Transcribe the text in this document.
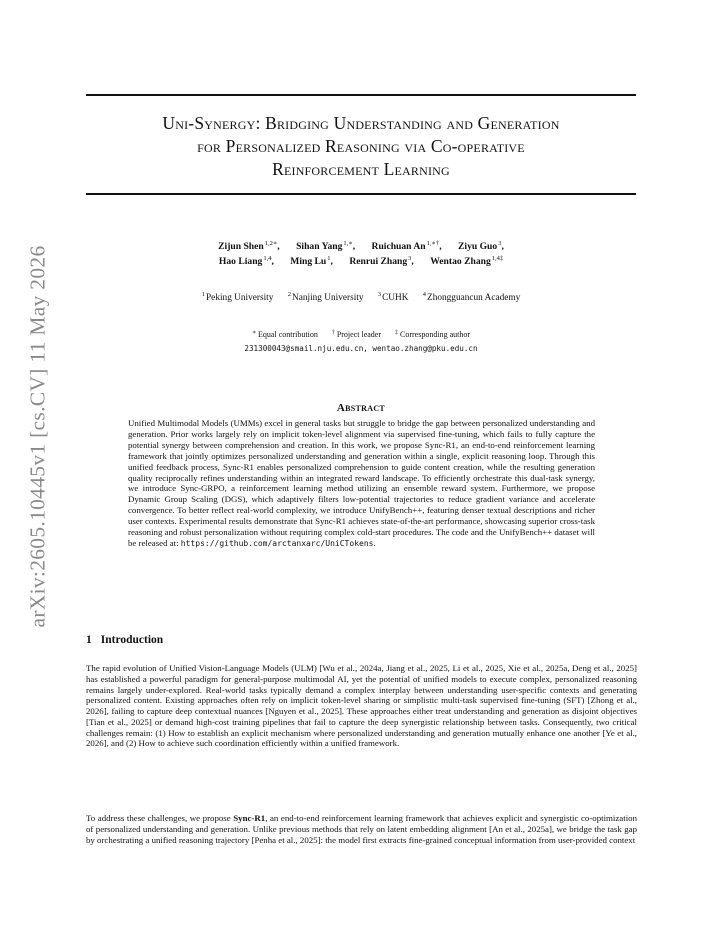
arXiv:2605.10445v1 [cs.CV] 11 May 2026
Uni-Synergy: Bridging Understanding and Generation
for Personalized Reasoning via Co-operative
Reinforcement Learning
Zijun Shen$^{1,2∗}$, Sihan Yang$^{1,∗}$, Ruichuan $An^{1,∗\dagger}$, Ziyu Guo$^3$,
Hao Liang$^{1,4}$, Ming Lu$^1$, Renrui Zhang$^3$, Wentao Zhang$^{1,4\ddagger}$
$^1$Peking University $^2$Nanjing University $^3$CUHK $^4$Zhongguancun Academy
∗ Equal contribution † Project leader ‡ Corresponding author
231300043@smail.nju.edu.cn, wentao.zhang@pku.edu.cn
Abstract
Unified Multimodal Models (UMMs) excel in general tasks but struggle to bridge the gap between personalized understanding and generation. Prior works largely rely on implicit token-level alignment via supervised fine-tuning, which fails to fully capture the potential synergy between comprehension and creation. In this work, we propose Sync-R1, an end-to-end reinforcement learning framework that jointly optimizes personalized understanding and generation within a single, explicit reasoning loop. Through this unified feedback process, Sync-R1 enables personalized comprehension to guide content creation, while the resulting generation quality reciprocally refines understanding within an integrated reward landscape. To efficiently orchestrate this dual-task synergy, we introduce Sync-GRPO, a reinforcement learning method utilizing an ensemble reward system. Furthermore, we propose Dynamic Group Scaling (DGS), which adaptively filters low-potential trajectories to reduce gradient variance and accelerate convergence. To better reflect real-world complexity, we introduce UnifyBench++, featuring denser textual descriptions and richer user contexts. Experimental results demonstrate that Sync-R1 achieves state-of-the-art performance, showcasing superior cross-task reasoning and robust personalization without requiring complex cold-start procedures. The code and the UnifyBench++ dataset will be released at: https://github.com/arctanxarc/UniCTokens.
1 Introduction

The rapid evolution of Unified Vision-Language Models (ULM) [Wu et al., 2024a, Jiang et al., 2025, Li et al., 2025, Xie et al., 2025a, Deng et al., 2025] has established a powerful paradigm for general-purpose multimodal AI, yet the potential of unified models to execute complex, personalized reasoning remains largely under-explored. Real-world tasks typically demand a complex interplay between understanding user-specific contexts and generating personalized content. Existing approaches often rely on implicit token-level sharing or simplistic multi-task supervised fine-tuning (SFT) [Zhong et al., 2026], failing to capture deep contextual nuances [Nguyen et al., 2025]. These approaches either treat understanding and generation as disjoint objectives [Tian et al., 2025] or demand high-cost training pipelines that fail to capture the deep synergistic relationship between tasks. Consequently, two critical challenges remain: (1) How to establish an explicit mechanism where personalized understanding and generation mutually enhance one another [Ye et al., 2026], and (2) How to achieve such coordination efficiently within a unified framework.

To address these challenges, we propose Sync-R1, an end-to-end reinforcement learning framework that achieves explicit and synergistic co-optimization of personalized understanding and generation. Unlike previous methods that rely on latent embedding alignment [An et al., 2025a], we bridge the task gap by orchestrating a unified reasoning trajectory [Penha et al., 2025]: the model first extracts fine-grained conceptual information from user-provided context
